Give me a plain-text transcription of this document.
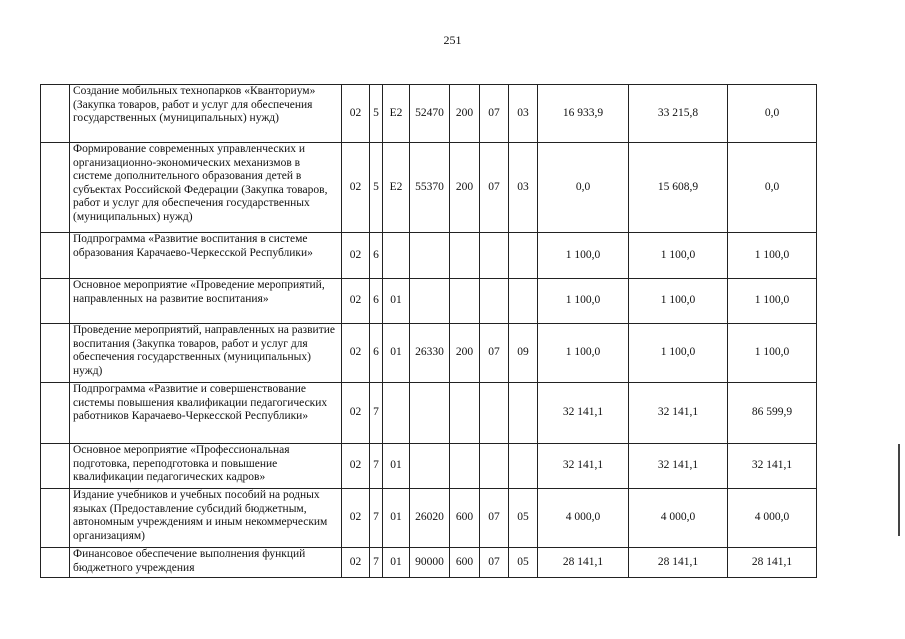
251
	Создание мобильных технопарков «Кванториум» (Закупка товаров, работ и услуг для обеспечения государственных (муниципальных) нужд)	02	5	E2	52470	200	07	03	16 933,9	33 215,8	0,0
	Формирование современных управленческих и организационно-экономических механизмов в системе дополнительного образования детей в субъектах Российской Федерации (Закупка товаров, работ и услуг для обеспечения государственных (муниципальных) нужд)	02	5	E2	55370	200	07	03	0,0	15 608,9	0,0
	Подпрограмма «Развитие воспитания в системе образования Карачаево-Черкесской Республики»	02	6						1 100,0	1 100,0	1 100,0
	Основное мероприятие «Проведение мероприятий, направленных на развитие воспитания»	02	6	01					1 100,0	1 100,0	1 100,0
	Проведение мероприятий, направленных на развитие воспитания (Закупка товаров, работ и услуг для обеспечения государственных (муниципальных) нужд)	02	6	01	26330	200	07	09	1 100,0	1 100,0	1 100,0
	Подпрограмма «Развитие и совершенствование системы повышения квалификации педагогических работников Карачаево-Черкесской Республики»	02	7						32 141,1	32 141,1	86 599,9
	Основное мероприятие «Профессиональная подготовка, переподготовка и повышение квалификации педагогических кадров»	02	7	01					32 141,1	32 141,1	32 141,1
	Издание учебников и учебных пособий на родных языках (Предоставление субсидий бюджетным, автономным учреждениям и иным некоммерческим организациям)	02	7	01	26020	600	07	05	4 000,0	4 000,0	4 000,0
	Финансовое обеспечение выполнения функций бюджетного учреждения	02	7	01	90000	600	07	05	28 141,1	28 141,1	28 141,1
